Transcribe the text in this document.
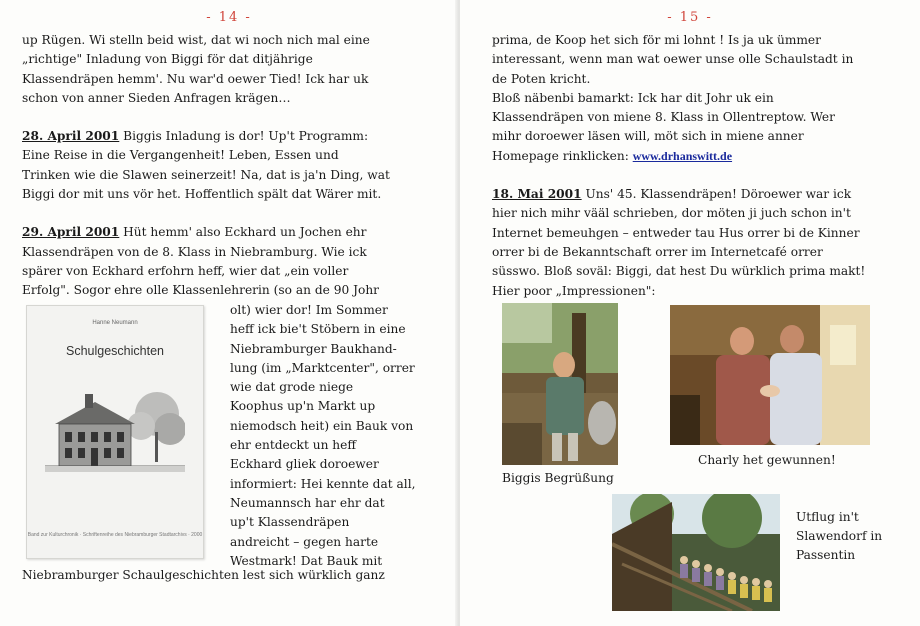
- 14 -

up Rügen. Wi stelln beid wist, dat wi noch nich mal eine

„richtige" Inladung von Biggi för dat ditjährige

Klassendräpen hemm'. Nu war'd oewer Tied! Ick har uk

schon von anner Sieden Anfragen krägen…

28. April 2001 Biggis Inladung is dor! Up't Programm:

Eine Reise in die Vergangenheit! Leben, Essen und

Trinken wie die Slawen seinerzeit! Na, dat is ja'n Ding, wat

Biggi dor mit uns vör het. Hoffentlich spält dat Wärer mit.

29. April 2001 Hüt hemm' also Eckhard un Jochen ehr

Klassendräpen von de 8. Klass in Niebramburg. Wie ick

spärer von Eckhard erfohrn heff, wier dat „ein voller

Erfolg". Sogor ehre olle Klassenlehrerin (so an de 90 Johr

Hanne Neumann
Schulgeschichten
Band zur Kulturchronik · Schriftenreihe des Niebramburger Stadtarchivs · 2000

olt) wier dor! Im Sommer

heff ick bie't Stöbern in eine

Niebramburger Baukhand-

lung (im „Marktcenter", orrer

wie dat grode niege

Koophus up'n Markt up

niemodsch heit) ein Bauk von

ehr entdeckt un heff

Eckhard gliek doroewer

informiert: Hei kennte dat all,

Neumannsch har ehr dat

up't Klassendräpen

andreicht – gegen harte

Westmark! Dat Bauk mit

Niebramburger Schaulgeschichten lest sich würklich ganz
- 15 -

prima, de Koop het sich för mi lohnt ! Is ja uk ümmer

interessant, wenn man wat oewer unse olle Schaulstadt in

de Poten kricht.

Bloß näbenbi bamarkt: Ick har dit Johr uk ein

Klassendräpen von miene 8. Klass in Ollentreptow. Wer

mihr doroewer läsen will, möt sich in miene anner

Homepage rinklicken: www.drhanswitt.de

18. Mai 2001 Uns' 45. Klassendräpen! Döroewer war ick

hier nich mihr vääl schrieben, dor möten ji juch schon in't

Internet bemeuhgen – entweder tau Hus orrer bi de Kinner

orrer bi de Bekanntschaft orrer im Internetcafé orrer

süsswo. Bloß soväl: Biggi, dat hest Du würklich prima makt!

Hier poor „Impressionen":

Biggis Begrüßung
Charly het gewunnen!
Utflug in't
Slawendorf in
Passentin
